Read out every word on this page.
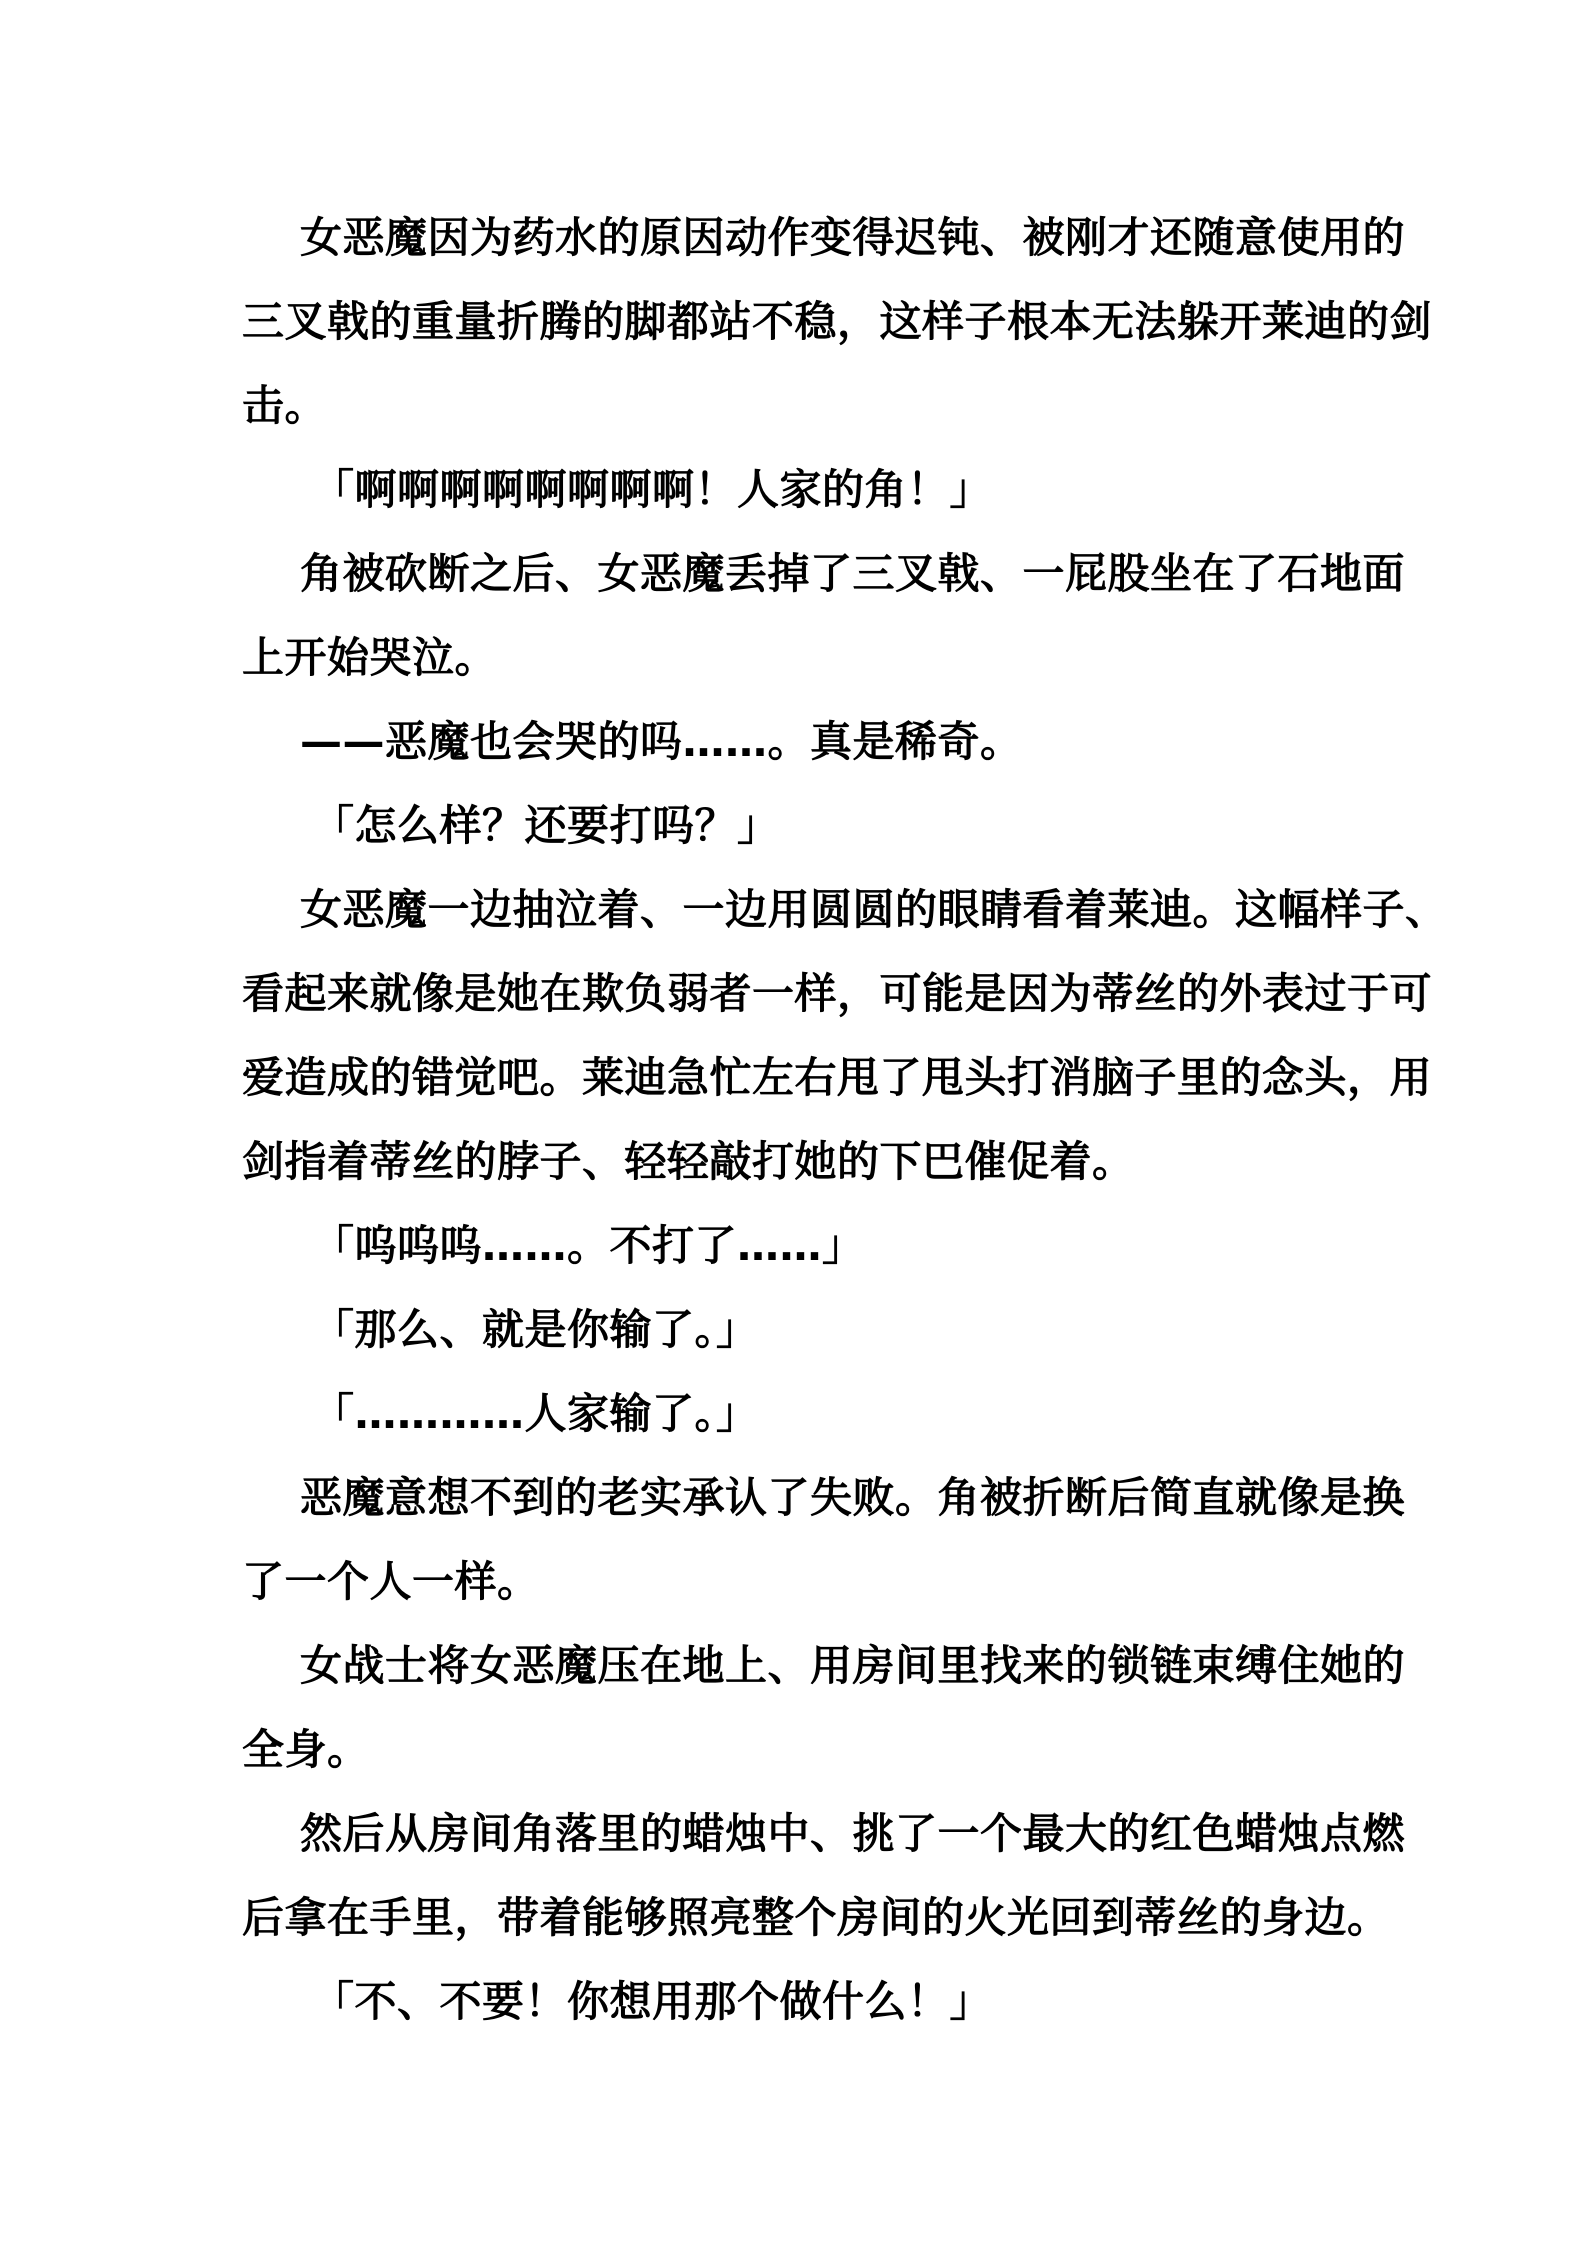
女恶魔因为药水的原因动作变得迟钝、被刚才还随意使用的
三叉戟的重量折腾的脚都站不稳，这样子根本无法躲开莱迪的剑
击。
「啊啊啊啊啊啊啊啊！人家的角！」
角被砍断之后、女恶魔丢掉了三叉戟、一屁股坐在了石地面
上开始哭泣。
——恶魔也会哭的吗……。真是稀奇。
「怎么样？还要打吗？」
女恶魔一边抽泣着、一边用圆圆的眼睛看着莱迪。这幅样子、
看起来就像是她在欺负弱者一样，可能是因为蒂丝的外表过于可
爱造成的错觉吧。莱迪急忙左右甩了甩头打消脑子里的念头，用
剑指着蒂丝的脖子、轻轻敲打她的下巴催促着。
「呜呜呜……。不打了……」
「那么、就是你输了。」
「…………人家输了。」
恶魔意想不到的老实承认了失败。角被折断后简直就像是换
了一个人一样。
女战士将女恶魔压在地上、用房间里找来的锁链束缚住她的
全身。
然后从房间角落里的蜡烛中、挑了一个最大的红色蜡烛点燃
后拿在手里，带着能够照亮整个房间的火光回到蒂丝的身边。
「不、不要！你想用那个做什么！」
